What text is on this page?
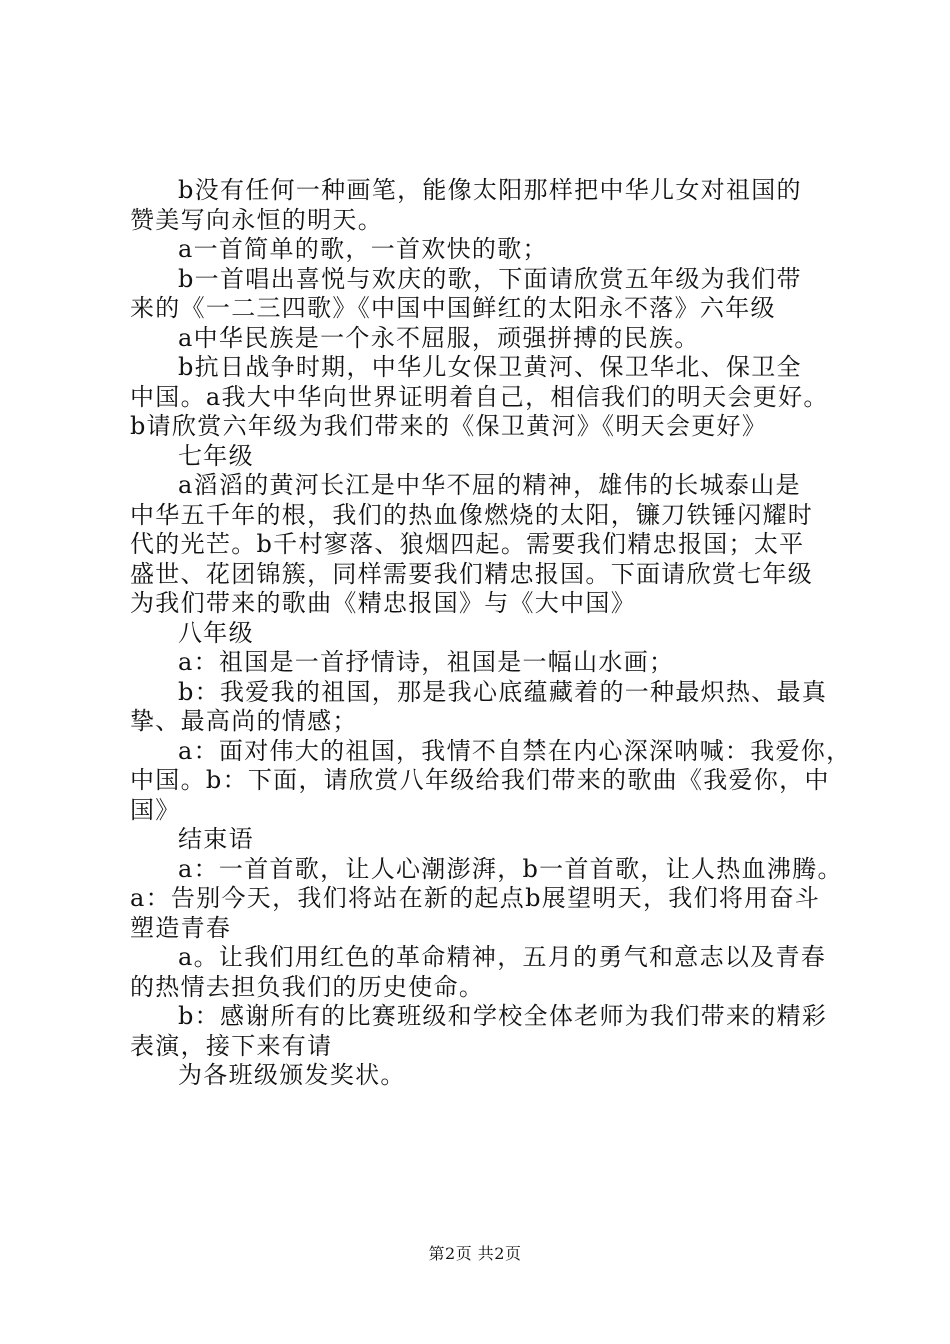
b没有任何一种画笔，能像太阳那样把中华儿女对祖国的

赞美写向永恒的明天。

a一首简单的歌，一首欢快的歌；

b一首唱出喜悦与欢庆的歌，下面请欣赏五年级为我们带

来的《一二三四歌》《中国中国鲜红的太阳永不落》六年级

a中华民族是一个永不屈服，顽强拼搏的民族。

b抗日战争时期，中华儿女保卫黄河、保卫华北、保卫全

中国。a我大中华向世界证明着自己，相信我们的明天会更好。

b请欣赏六年级为我们带来的《保卫黄河》《明天会更好》

七年级

a滔滔的黄河长江是中华不屈的精神，雄伟的长城泰山是

中华五千年的根，我们的热血像燃烧的太阳，镰刀铁锤闪耀时

代的光芒。b千村寥落、狼烟四起。需要我们精忠报国；太平

盛世、花团锦簇，同样需要我们精忠报国。下面请欣赏七年级

为我们带来的歌曲《精忠报国》与《大中国》

八年级

a：祖国是一首抒情诗，祖国是一幅山水画；

b：我爱我的祖国，那是我心底蕴藏着的一种最炽热、最真

挚、最高尚的情感；

a：面对伟大的祖国，我情不自禁在内心深深呐喊：我爱你，

中国。b：下面，请欣赏八年级给我们带来的歌曲《我爱你，中

国》

结束语

a：一首首歌，让人心潮澎湃，b一首首歌，让人热血沸腾。

a：告别今天，我们将站在新的起点b展望明天，我们将用奋斗

塑造青春

a。让我们用红色的革命精神，五月的勇气和意志以及青春

的热情去担负我们的历史使命。

b：感谢所有的比赛班级和学校全体老师为我们带来的精彩

表演，接下来有请

为各班级颁发奖状。

第2页 共2页
